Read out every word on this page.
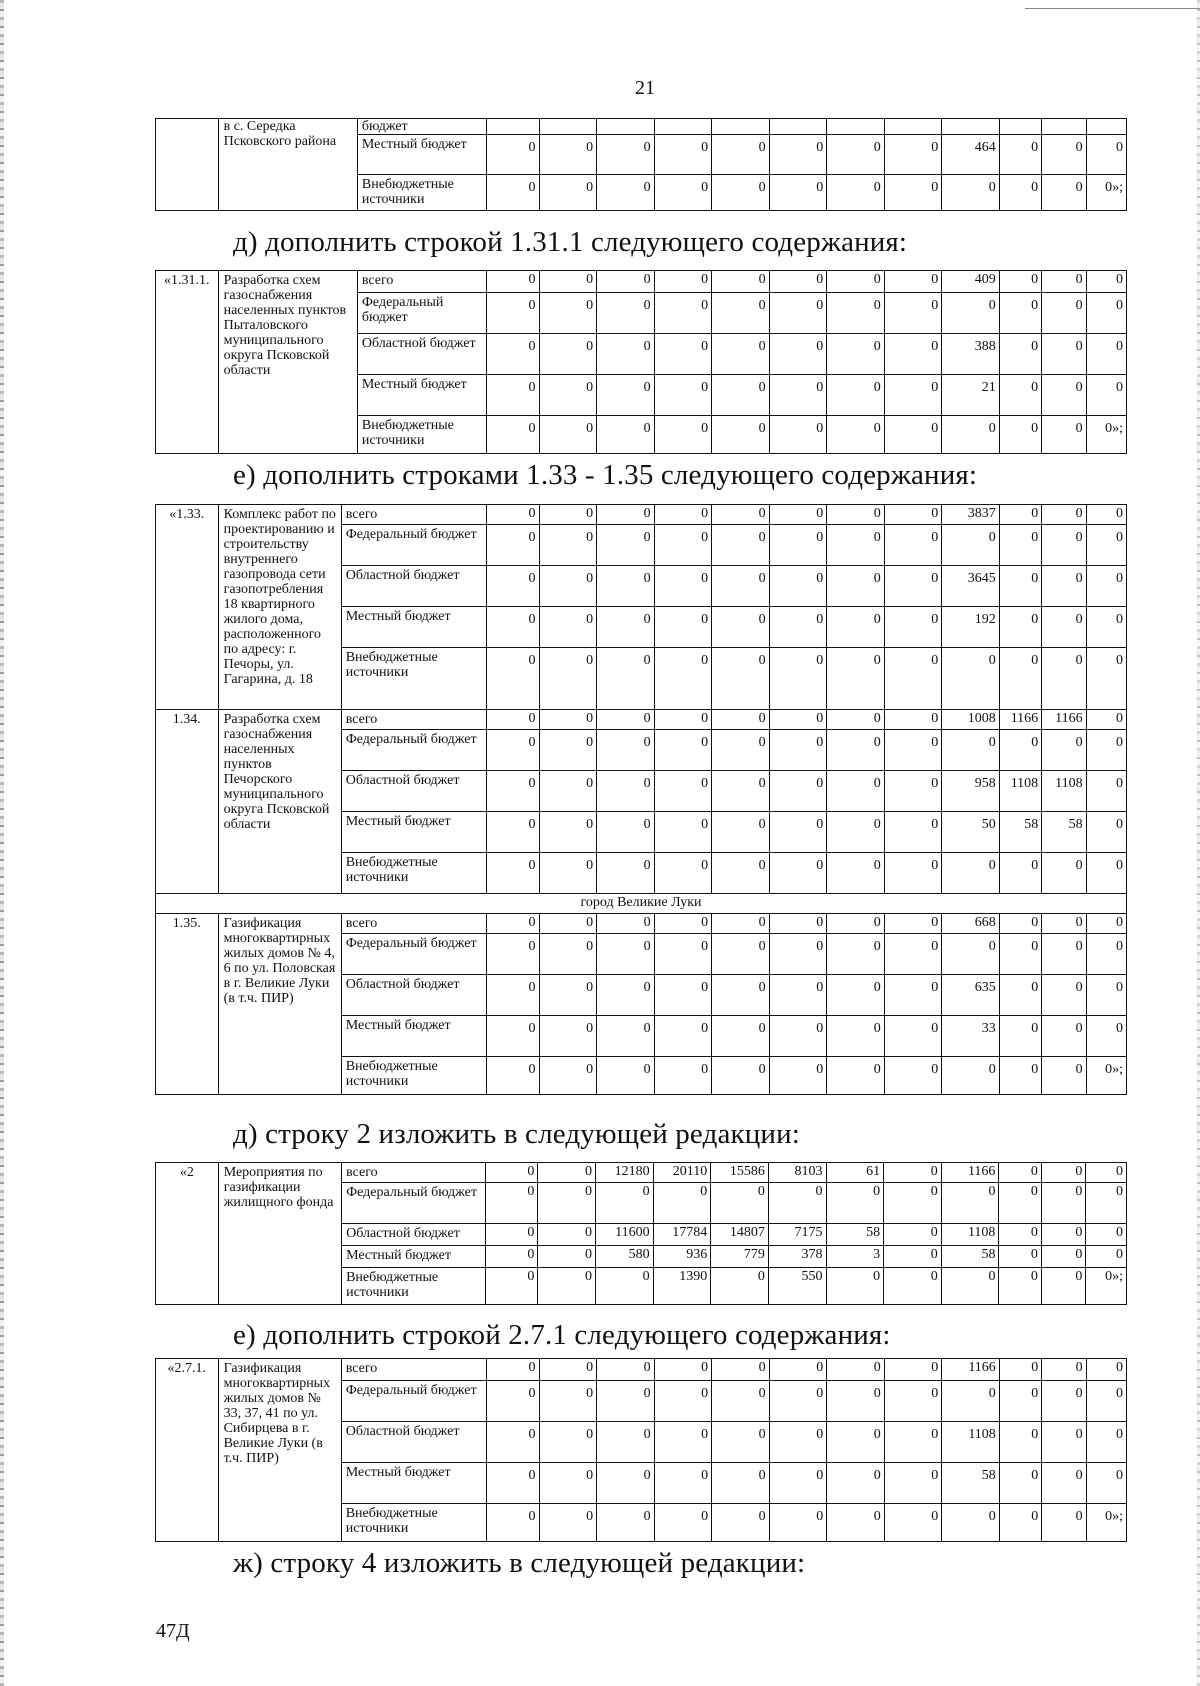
21
	в с. Середка Псковского района	бюджет												
		Местный бюджет	0	0	0	0	0	0	0	0	464	0	0	0
		Внебюджетные источники	0	0	0	0	0	0	0	0	0	0	0	0»;
д) дополнить строкой 1.31.1 следующего содержания:
«1.31.1.	Разработка схем газоснабжения населенных пунктов Пыталовского муниципального округа Псковской области	всего	0	0	0	0	0	0	0	0	409	0	0	0
		Федеральный бюджет	0	0	0	0	0	0	0	0	0	0	0	0
		Областной бюджет	0	0	0	0	0	0	0	0	388	0	0	0
		Местный бюджет	0	0	0	0	0	0	0	0	21	0	0	0
		Внебюджетные источники	0	0	0	0	0	0	0	0	0	0	0	0»;
е) дополнить строками 1.33 - 1.35 следующего содержания:
«1.33.	Комплекс работ по проектированию и строительству внутреннего газопровода сети газопотребления 18 квартирного жилого дома, расположенного по адресу: г. Печоры, ул. Гагарина, д. 18	всего	0	0	0	0	0	0	0	0	3837	0	0	0
		Федеральный бюджет	0	0	0	0	0	0	0	0	0	0	0	0
		Областной бюджет	0	0	0	0	0	0	0	0	3645	0	0	0
		Местный бюджет	0	0	0	0	0	0	0	0	192	0	0	0
		Внебюджетные источники	0	0	0	0	0	0	0	0	0	0	0	0
1.34.	Разработка схем газоснабжения населенных пунктов Печорского муниципального округа Псковской области	всего	0	0	0	0	0	0	0	0	1008	1166	1166	0
		Федеральный бюджет	0	0	0	0	0	0	0	0	0	0	0	0
		Областной бюджет	0	0	0	0	0	0	0	0	958	1108	1108	0
		Местный бюджет	0	0	0	0	0	0	0	0	50	58	58	0
		Внебюджетные источники	0	0	0	0	0	0	0	0	0	0	0	0
город Великие Луки														
1.35.	Газификация многоквартирных жилых домов № 4, 6 по ул. Половская в г. Великие Луки (в т.ч. ПИР)	всего	0	0	0	0	0	0	0	0	668	0	0	0
		Федеральный бюджет	0	0	0	0	0	0	0	0	0	0	0	0
		Областной бюджет	0	0	0	0	0	0	0	0	635	0	0	0
		Местный бюджет	0	0	0	0	0	0	0	0	33	0	0	0
		Внебюджетные источники	0	0	0	0	0	0	0	0	0	0	0	0»;
д) строку 2 изложить в следующей редакции:
«2	Мероприятия по газификации жилищного фонда	всего	0	0	12180	20110	15586	8103	61	0	1166	0	0	0
		Федеральный бюджет	0	0	0	0	0	0	0	0	0	0	0	0
		Областной бюджет	0	0	11600	17784	14807	7175	58	0	1108	0	0	0
		Местный бюджет	0	0	580	936	779	378	3	0	58	0	0	0
		Внебюджетные источники	0	0	0	1390	0	550	0	0	0	0	0	0»;
е) дополнить строкой 2.7.1 следующего содержания:
«2.7.1.	Газификация многоквартирных жилых домов № 33, 37, 41 по ул. Сибирцева в г. Великие Луки (в т.ч. ПИР)	всего	0	0	0	0	0	0	0	0	1166	0	0	0
		Федеральный бюджет	0	0	0	0	0	0	0	0	0	0	0	0
		Областной бюджет	0	0	0	0	0	0	0	0	1108	0	0	0
		Местный бюджет	0	0	0	0	0	0	0	0	58	0	0	0
		Внебюджетные источники	0	0	0	0	0	0	0	0	0	0	0	0»;
ж) строку 4 изложить в следующей редакции:
47Д
